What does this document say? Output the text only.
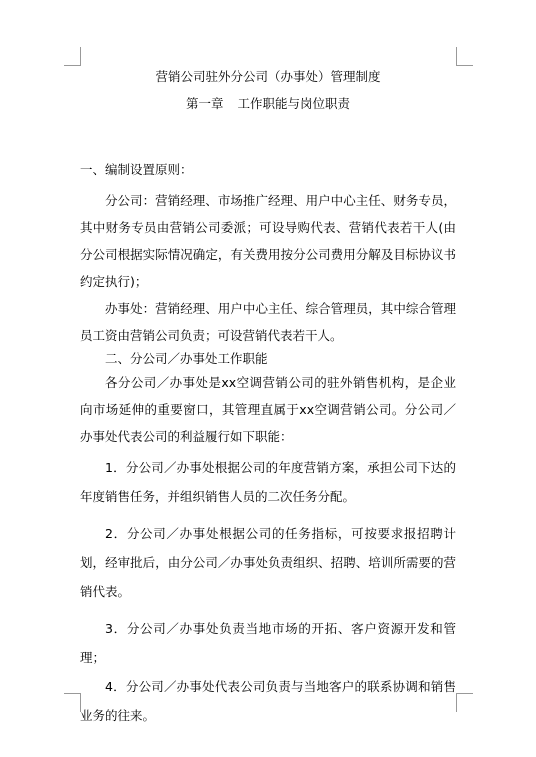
营销公司驻外分公司（办事处）管理制度
第一章 工作职能与岗位职责
一、编制设置原则：

分公司：营销经理、市场推广经理、用户中心主任、财务专员，其中财务专员由营销公司委派；可设导购代表、营销代表若干人(由分公司根据实际情况确定，有关费用按分公司费用分解及目标协议书约定执行)；

办事处：营销经理、用户中心主任、综合管理员，其中综合管理员工资由营销公司负责；可设营销代表若干人。

二、分公司／办事处工作职能

各分公司／办事处是xx空调营销公司的驻外销售机构，是企业向市场延伸的重要窗口，其管理直属于xx空调营销公司。分公司／办事处代表公司的利益履行如下职能：

1．分公司／办事处根据公司的年度营销方案，承担公司下达的年度销售任务，并组织销售人员的二次任务分配。

2．分公司／办事处根据公司的任务指标，可按要求报招聘计划，经审批后，由分公司／办事处负责组织、招聘、培训所需要的营销代表。

3．分公司／办事处负责当地市场的开拓、客户资源开发和管理；

4．分公司／办事处代表公司负责与当地客户的联系协调和销售业务的往来。
